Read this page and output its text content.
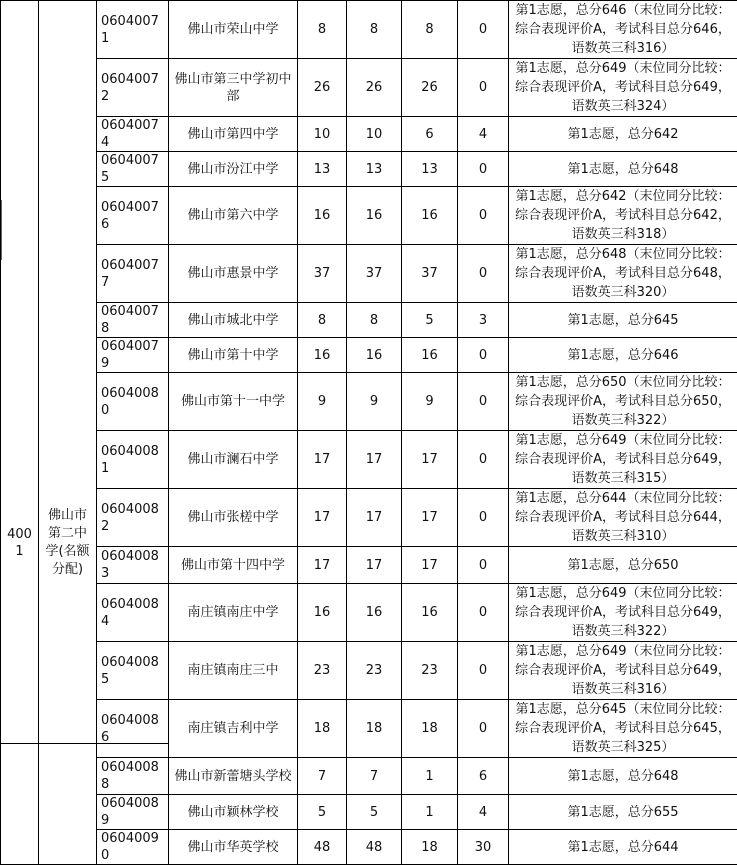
4001	佛山市第二中学(名额分配)	06040071	佛山市荣山中学	8	8	8	0	第1志愿，总分646（末位同分比较：综合表现评价A，考试科目总分646，语数英三科316）
		06040072	佛山市第三中学初中部	26	26	26	0	第1志愿，总分649（末位同分比较：综合表现评价A，考试科目总分649，语数英三科324）
		06040074	佛山市第四中学	10	10	6	4	第1志愿，总分642
		06040075	佛山市汾江中学	13	13	13	0	第1志愿，总分648
		06040076	佛山市第六中学	16	16	16	0	第1志愿，总分642（末位同分比较：综合表现评价A，考试科目总分642，语数英三科318）
		06040077	佛山市惠景中学	37	37	37	0	第1志愿，总分648（末位同分比较：综合表现评价A，考试科目总分648，语数英三科320）
		06040078	佛山市城北中学	8	8	5	3	第1志愿，总分645
		06040079	佛山市第十中学	16	16	16	0	第1志愿，总分646
		06040080	佛山市第十一中学	9	9	9	0	第1志愿，总分650（末位同分比较：综合表现评价A，考试科目总分650，语数英三科322）
		06040081	佛山市澜石中学	17	17	17	0	第1志愿，总分649（末位同分比较：综合表现评价A，考试科目总分649，语数英三科315）
		06040082	佛山市张槎中学	17	17	17	0	第1志愿，总分644（末位同分比较：综合表现评价A，考试科目总分644，语数英三科310）
		06040083	佛山市第十四中学	17	17	17	0	第1志愿，总分650
		06040084	南庄镇南庄中学	16	16	16	0	第1志愿，总分649（末位同分比较：综合表现评价A，考试科目总分649，语数英三科322）
		06040085	南庄镇南庄三中	23	23	23	0	第1志愿，总分649（末位同分比较：综合表现评价A，考试科目总分649，语数英三科316）
		06040086	南庄镇吉利中学	18	18	18	0	第1志愿，总分645（末位同分比较：综合表现评价A，考试科目总分645，语数英三科325）
		06040088	佛山市新蕾塘头学校	7	7	1	6	第1志愿，总分648
		06040089	佛山市颖林学校	5	5	1	4	第1志愿，总分655
		06040090	佛山市华英学校	48	48	18	30	第1志愿，总分644
